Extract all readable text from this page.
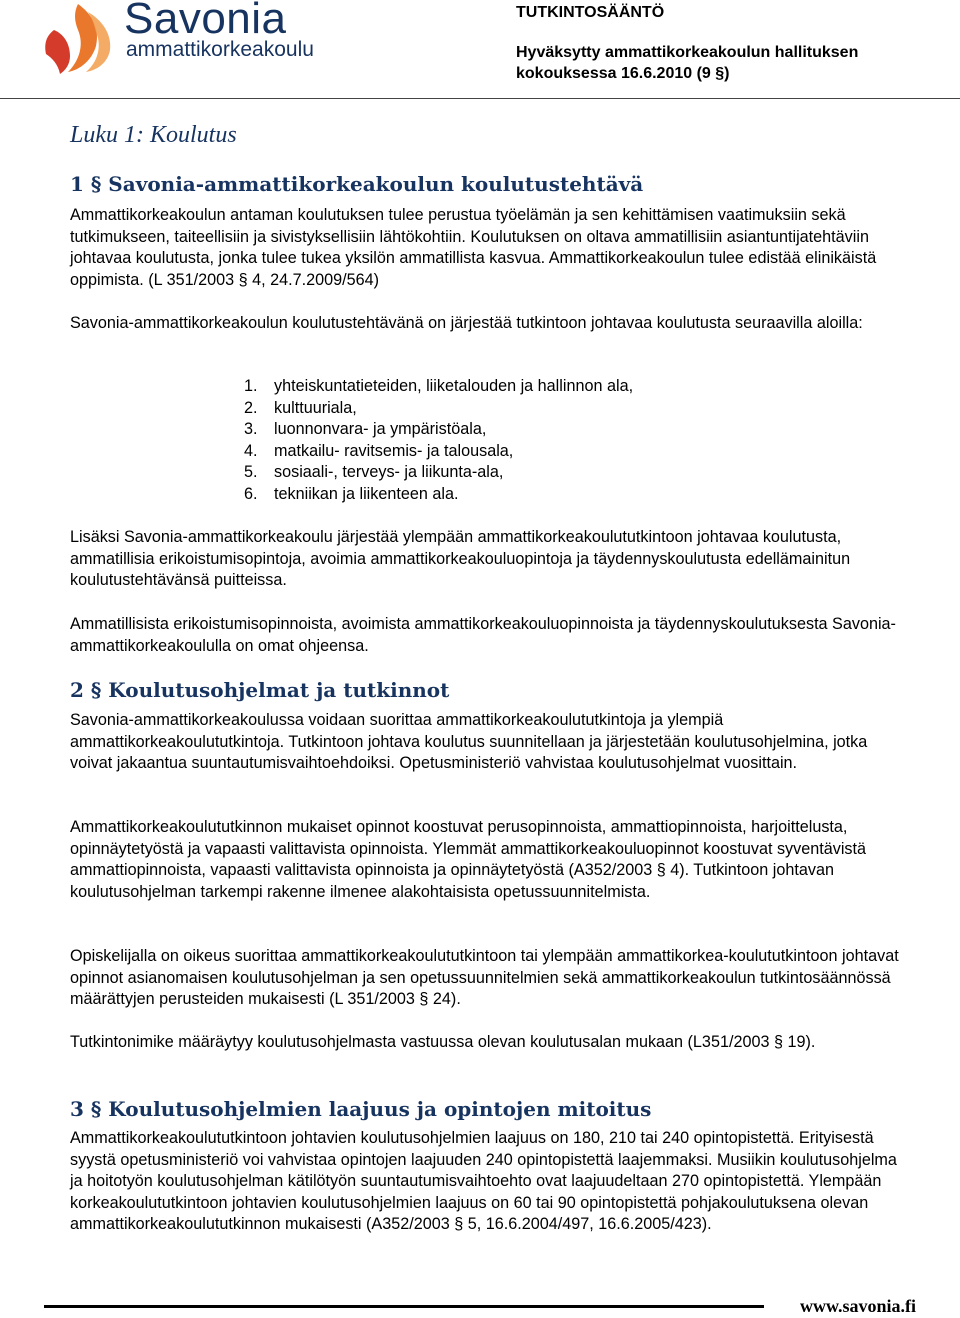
Savonia
ammattikorkeakoulu
TUTKINTOSÄÄNTÖ
Hyväksytty ammattikorkeakoulun hallituksen kokouksessa 16.6.2010 (9 §)
Luku 1: Koulutus
1 § Savonia-ammattikorkeakoulun koulutustehtävä
Ammattikorkeakoulun antaman koulutuksen tulee perustua työelämän ja sen kehittämisen vaatimuksiin sekä tutkimukseen, taiteellisiin ja sivistyksellisiin lähtökohtiin. Koulutuksen on oltava ammatillisiin asiantuntijatehtäviin johtavaa koulutusta, jonka tulee tukea yksilön ammatillista kasvua. Ammattikorkeakoulun tulee edistää elinikäistä oppimista. (L 351/2003 § 4, 24.7.2009/564)
Savonia-ammattikorkeakoulun koulutustehtävänä on järjestää tutkintoon johtavaa koulutusta seuraavilla aloilla:
1. yhteiskuntatieteiden, liiketalouden ja hallinnon ala,
2. kulttuuriala,
3. luonnonvara- ja ympäristöala,
4. matkailu- ravitsemis- ja talousala,
5. sosiaali-, terveys- ja liikunta-ala,
6. tekniikan ja liikenteen ala.
Lisäksi Savonia-ammattikorkeakoulu järjestää ylempään ammattikorkeakoulututkintoon johtavaa koulutusta, ammatillisia erikoistumisopintoja, avoimia ammattikorkeakouluopintoja ja täydennyskoulutusta edellämainitun koulutustehtävänsä puitteissa.
Ammatillisista erikoistumisopinnoista, avoimista ammattikorkeakouluopinnoista ja täydennyskoulutuksesta Savonia-ammattikorkeakoululla on omat ohjeensa.
2 § Koulutusohjelmat ja tutkinnot
Savonia-ammattikorkeakoulussa voidaan suorittaa ammattikorkeakoulututkintoja ja ylempiä ammattikorkeakoulututkintoja. Tutkintoon johtava koulutus suunnitellaan ja järjestetään koulutusohjelmina, jotka voivat jakaantua suuntautumisvaihtoehdoiksi. Opetusministeriö vahvistaa koulutusohjelmat vuosittain.
Ammattikorkeakoulututkinnon mukaiset opinnot koostuvat perusopinnoista, ammattiopinnoista, harjoittelusta, opinnäytetyöstä ja vapaasti valittavista opinnoista. Ylemmät ammattikorkeakouluopinnot koostuvat syventävistä ammattiopinnoista, vapaasti valittavista opinnoista ja opinnäytetyöstä (A352/2003 § 4). Tutkintoon johtavan koulutusohjelman tarkempi rakenne ilmenee alakohtaisista opetussuunnitelmista.
Opiskelijalla on oikeus suorittaa ammattikorkeakoulututkintoon tai ylempään ammattikorkea-koulututkintoon johtavat opinnot asianomaisen koulutusohjelman ja sen opetussuunnitelmien sekä ammattikorkeakoulun tutkintosäännössä määrättyjen perusteiden mukaisesti (L 351/2003 § 24).
Tutkintonimike määräytyy koulutusohjelmasta vastuussa olevan koulutusalan mukaan (L351/2003 § 19).
3 § Koulutusohjelmien laajuus ja opintojen mitoitus
Ammattikorkeakoulututkintoon johtavien koulutusohjelmien laajuus on 180, 210 tai 240 opintopistettä. Erityisestä syystä opetusministeriö voi vahvistaa opintojen laajuuden 240 opintopistettä laajemmaksi. Musiikin koulutusohjelma ja hoitotyön koulutusohjelman kätilötyön suuntautumisvaihtoehto ovat laajuudeltaan 270 opintopistettä. Ylempään korkeakoulututkintoon johtavien koulutusohjelmien laajuus on 60 tai 90 opintopistettä pohjakoulutuksena olevan ammattikorkeakoulututkinnon mukaisesti (A352/2003 § 5, 16.6.2004/497, 16.6.2005/423).
www.savonia.fi
